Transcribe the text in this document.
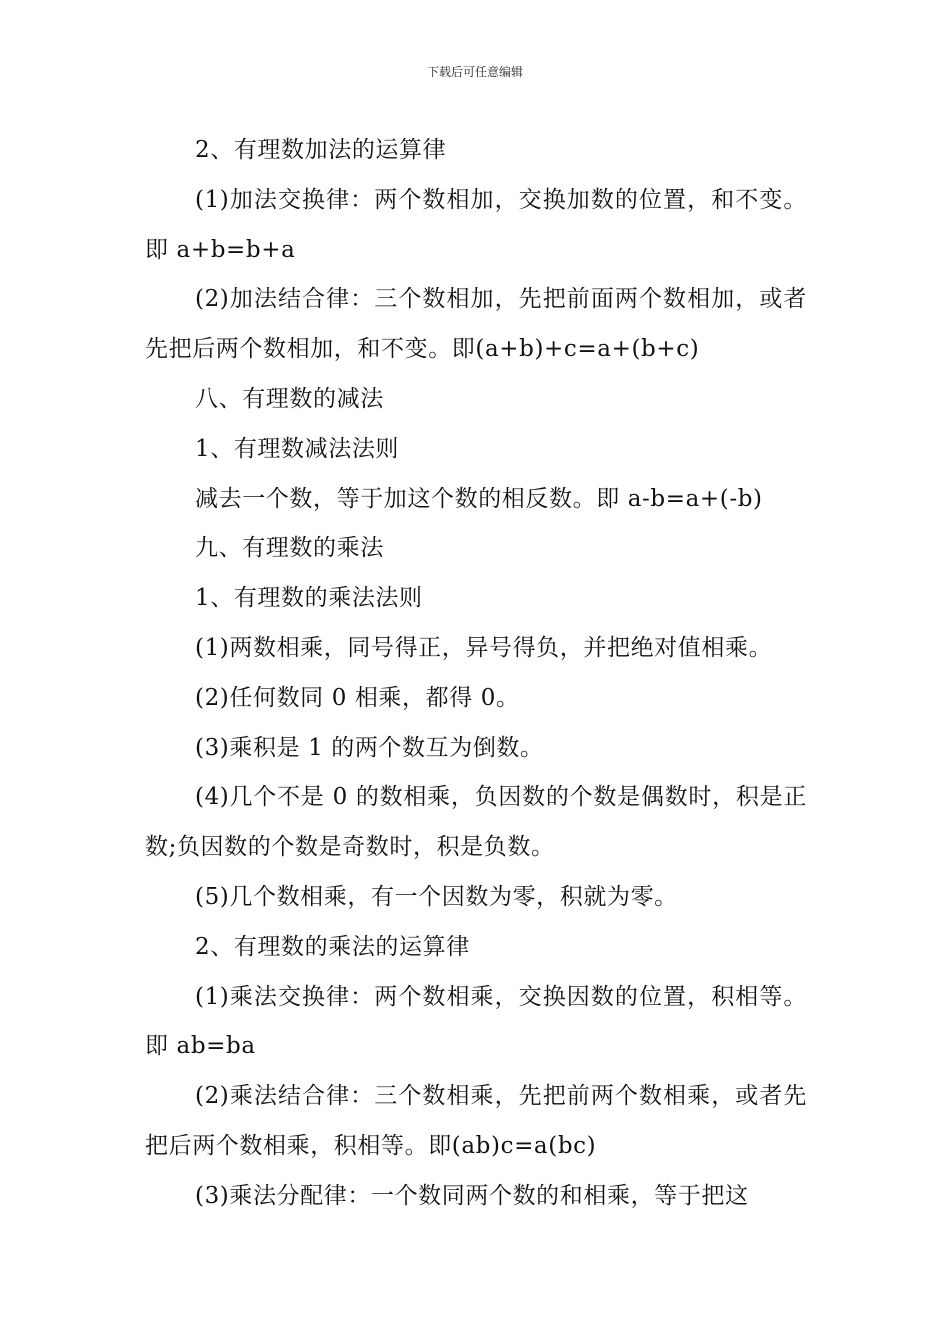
下载后可任意编辑

2、有理数加法的运算律

(1)加法交换律：两个数相加，交换加数的位置，和不变。即 a+b=b+a

(2)加法结合律：三个数相加，先把前面两个数相加，或者先把后两个数相加，和不变。即(a+b)+c=a+(b+c)

八、有理数的减法

1、有理数减法法则

减去一个数，等于加这个数的相反数。即 a-b=a+(-b)

九、有理数的乘法

1、有理数的乘法法则

(1)两数相乘，同号得正，异号得负，并把绝对值相乘。

(2)任何数同 0 相乘，都得 0。

(3)乘积是 1 的两个数互为倒数。

(4)几个不是 0 的数相乘，负因数的个数是偶数时，积是正数;负因数的个数是奇数时，积是负数。

(5)几个数相乘，有一个因数为零，积就为零。

2、有理数的乘法的运算律

(1)乘法交换律：两个数相乘，交换因数的位置，积相等。即 ab=ba

(2)乘法结合律：三个数相乘，先把前两个数相乘，或者先把后两个数相乘，积相等。即(ab)c=a(bc)

(3)乘法分配律：一个数同两个数的和相乘，等于把这
